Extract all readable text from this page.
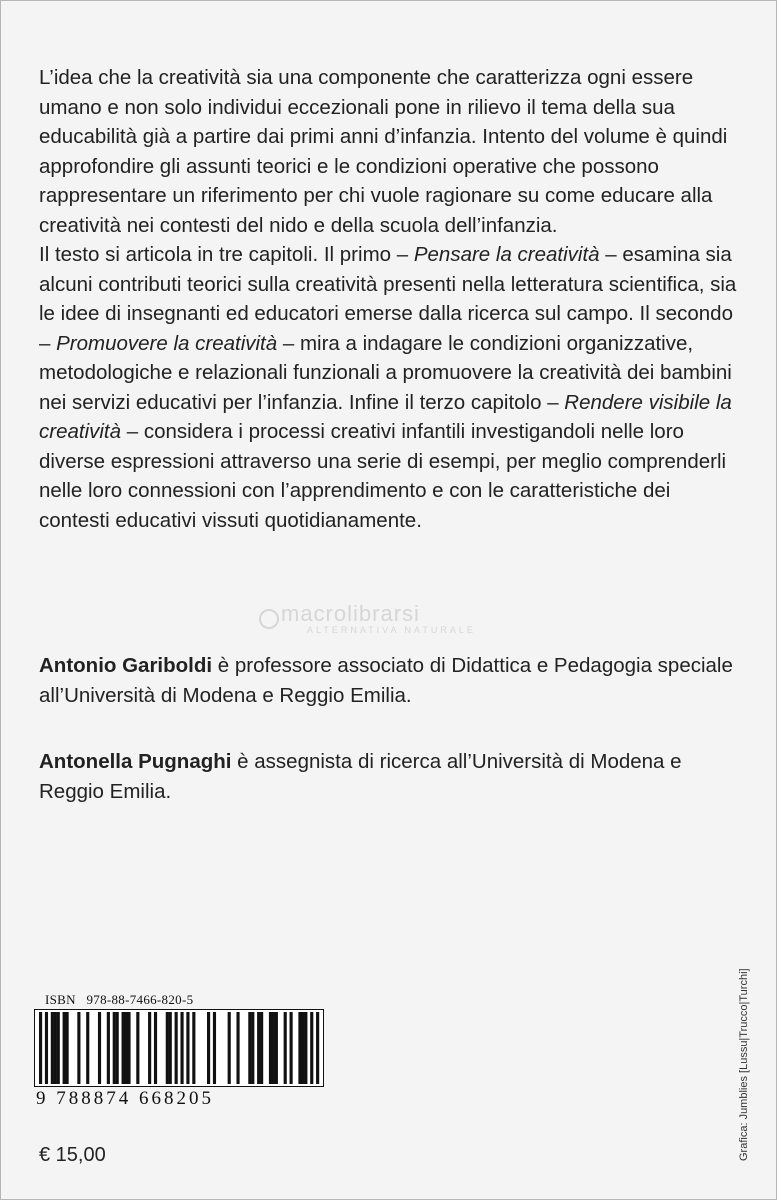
L’idea che la creatività sia una componente che caratterizza ogni essere umano e non solo individui eccezionali pone in rilievo il tema della sua educabilità già a partire dai primi anni d’infanzia. Intento del volume è quindi approfondire gli assunti teorici e le condizioni operative che possono rappresentare un riferimento per chi vuole ragionare su come educare alla creatività nei contesti del nido e della scuola dell’infanzia.

Il testo si articola in tre capitoli. Il primo – Pensare la creatività – esamina sia alcuni contributi teorici sulla creatività presenti nella letteratura scientifica, sia le idee di insegnanti ed educatori emerse dalla ricerca sul campo. Il secondo – Promuovere la creatività – mira a indagare le condizioni organizzative, metodologiche e relazionali funzionali a promuovere la creatività dei bambini nei servizi educativi per l’infanzia. Infine il terzo capitolo – Rendere visibile la creatività – considera i processi creativi infantili investigandoli nelle loro diverse espressioni attraverso una serie di esempi, per meglio comprenderli nelle loro connessioni con l’apprendimento e con le caratteristiche dei contesti educativi vissuti quotidianamente.

macrolibrarsi
ALTERNATIVA NATURALE

Antonio Gariboldi è professore associato di Didattica e Pedagogia speciale all’Università di Modena e Reggio Emilia.

Antonella Pugnaghi è assegnista di ricerca all’Università di Modena e Reggio Emilia.

ISBN   978-88-7466-820-5
9 788874 668205
€ 15,00	Grafica: Jumblies [Lussu|Trucco|Turchi]
